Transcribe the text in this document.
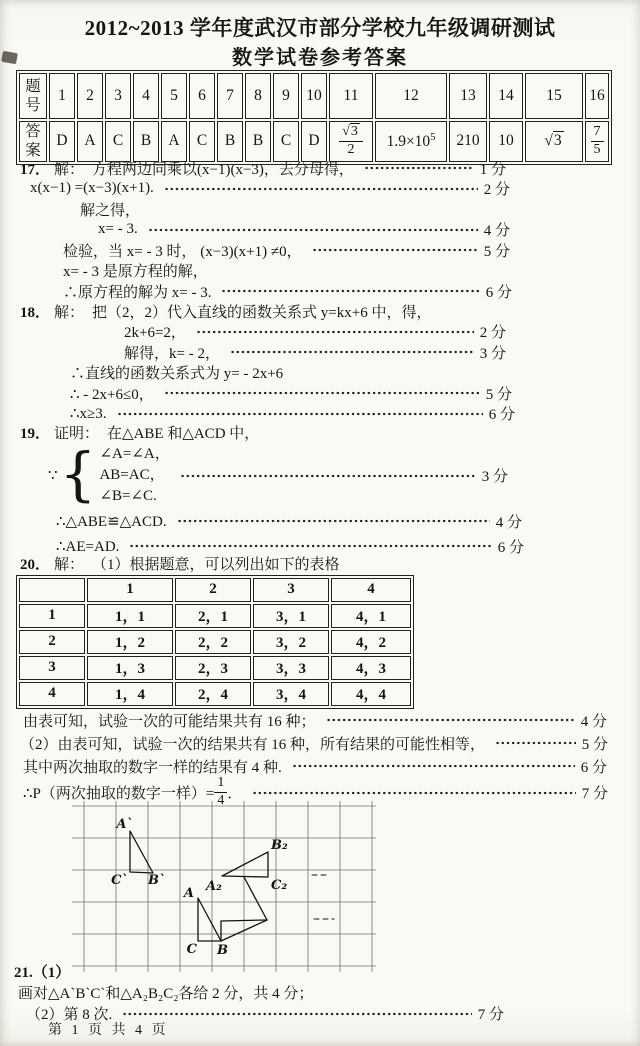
2012~2013 学年度武汉市部分学校九年级调研测试
数学试卷参考答案
题号	1	2	3	4	5	6	7	8	9	10	11	12	13	14	15	16
答案	D	A	C	B	A	C	B	B	C	D	$\frac{√3}{2}$	$1.9\times 10^5$	210	10	√3	$\frac{7}{5}$
17． 解： 方程两边同乘以(x−1)(x−3)，去分母得，	1 分
x(x−1) =(x−3)(x+1).	2 分
解之得，
x= - 3.	4 分
检验，当 x= - 3 时， (x−3)(x+1) ≠0，	5 分
x= - 3 是原方程的解，
∴原方程的解为 x= - 3.	6 分
18． 解： 把（2，2）代入直线的函数关系式 y=kx+6 中，得，
2k+6=2，	2 分
解得，k= - 2，	3 分
∴直线的函数关系式为 y= - 2x+6
∴ - 2x+6≤0，	5 分
∴x≥3.	6 分
19． 证明： 在△ABE 和△ACD 中，
∵ { ∠A=∠A，
AB=AC，
∠B=∠C.
3 分
∴△ABE≌△ACD.	4 分
∴AE=AD.	6 分
20． 解： （1）根据题意，可以列出如下的表格
	1	2	3	4
1	1，1	2，1	3，1	4，1
2	1，2	2，2	3，2	4，2
3	1，3	2，3	3，3	4，3
4	1，4	2，4	3，4	4，4
由表可知，试验一次的可能结果共有 16 种；	4 分
（2）由表可知，试验一次的结果共有 16 种，所有结果的可能性相等，	5 分
其中两次抽取的数字一样的结果有 4 种.	6 分
∴P（两次抽取的数字一样）= $\frac{1}{4}$ ．	7 分
A`
C` B`
A
C B
A₂
B₂
C₂
21.（1）
画对△A`B`C`和△A₂B₂C₂各给 2 分，共 4 分；
（2）第 8 次.	7 分
第 1 页 共 4 页
